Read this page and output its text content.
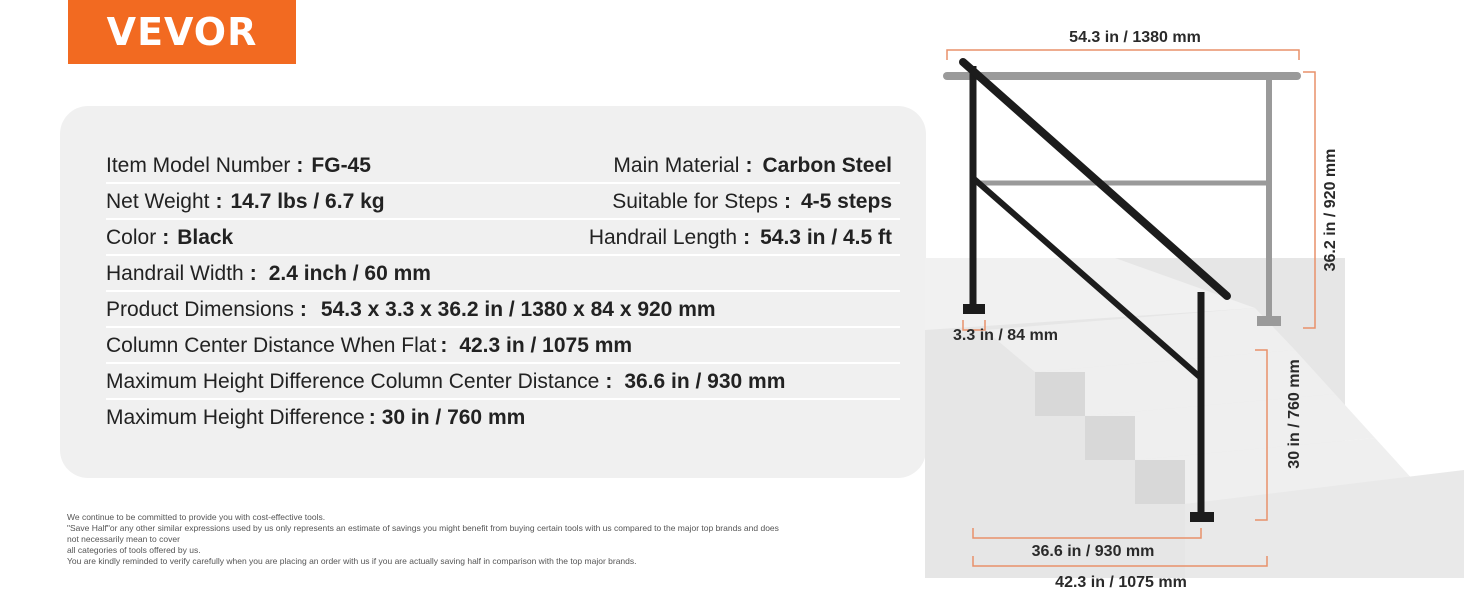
VEVOR
Item Model Number : FG-45	Main Material : Carbon Steel
Net Weight : 14.7 lbs / 6.7 kg	Suitable for Steps : 4-5 steps
Color : Black	Handrail Length : 54.3 in / 4.5 ft
Handrail Width : 2.4 inch / 60 mm
Product Dimensions : 54.3 x 3.3 x 36.2 in / 1380 x 84 x 920 mm
Column Center Distance When Flat : 42.3 in / 1075 mm
Maximum Height Difference Column Center Distance : 36.6 in / 930 mm
Maximum Height Difference : 30 in / 760 mm
We continue to be committed to provide you with cost-effective tools.
"Save Half"or any other similar expressions used by us only represents an estimate of savings you might benefit from buying certain tools with us compared to the major top brands and does
not necessarily mean to cover
all categories of tools offered by us.
You are kindly reminded to verify carefully when you are placing an order with us if you are actually saving half in comparison with the top major brands.
54.3 in / 1380 mm
36.2 in / 920 mm
3.3 in / 84 mm
30 in / 760 mm
36.6 in / 930 mm
42.3 in / 1075 mm
